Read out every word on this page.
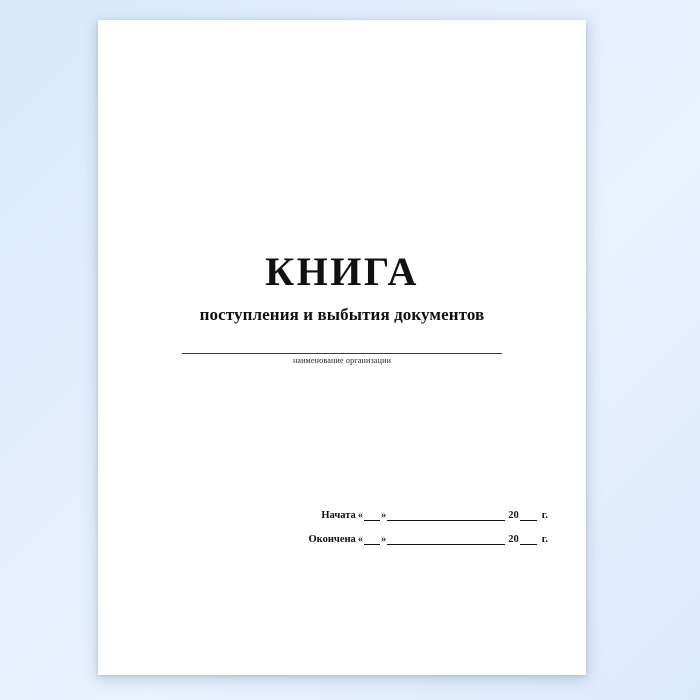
КНИГА
поступления и выбытия документов
наименование организации
Начата « »	20 г.
Окончена « »	20 г.
